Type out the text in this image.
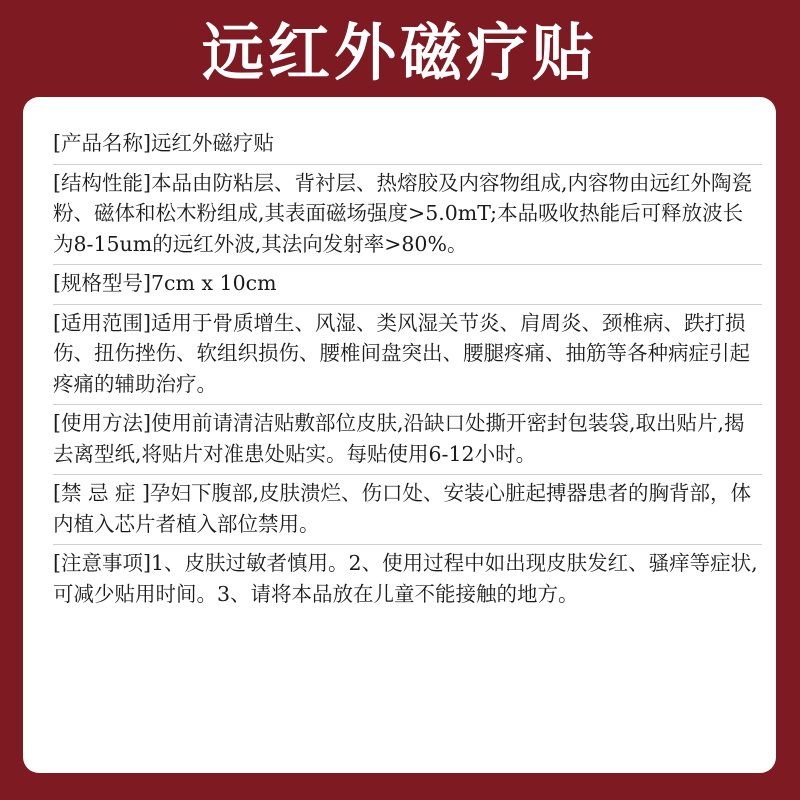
远红外磁疗贴

[产品名称]远红外磁疗贴

[结构性能]本品由防粘层、背衬层、热熔胶及内容物组成,内容物由远红外陶瓷粉、磁体和松木粉组成,其表面磁场强度>5.0mT;本品吸收热能后可释放波长为8-15um的远红外波,其法向发射率>80%。

[规格型号]7cm x 10cm

[适用范围]适用于骨质增生、风湿、类风湿关节炎、肩周炎、颈椎病、跌打损伤、扭伤挫伤、软组织损伤、腰椎间盘突出、腰腿疼痛、抽筋等各种病症引起疼痛的辅助治疗。

[使用方法]使用前请清洁贴敷部位皮肤,沿缺口处撕开密封包装袋,取出贴片,揭去离型纸,将贴片对准患处贴实。每贴使用6-12小时。

[禁 忌 症 ]孕妇下腹部,皮肤溃烂、伤口处、安装心脏起搏器患者的胸背部，体内植入芯片者植入部位禁用。

[注意事项]1、皮肤过敏者慎用。2、使用过程中如出现皮肤发红、骚痒等症状,可减少贴用时间。3、请将本品放在儿童不能接触的地方。
